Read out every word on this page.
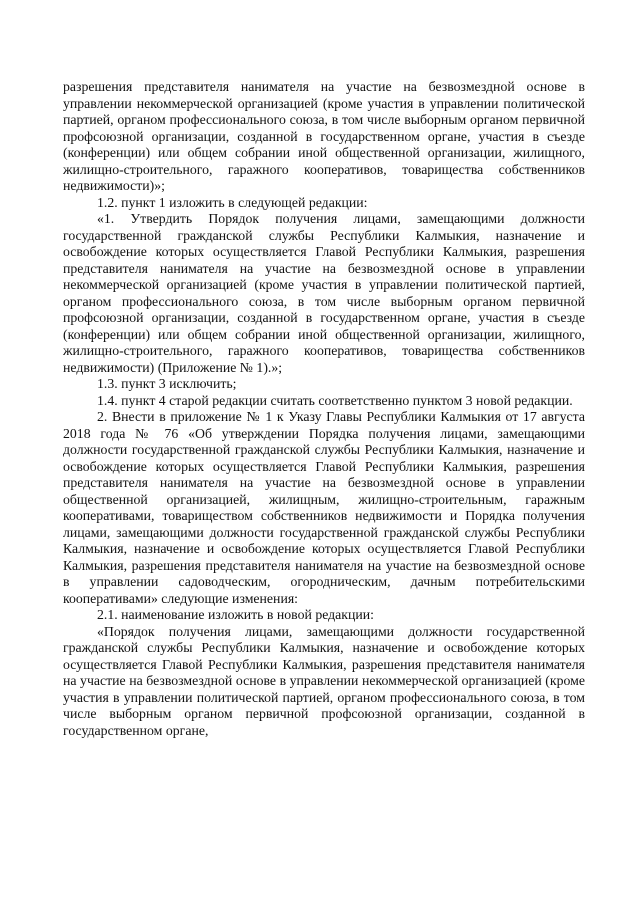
разрешения представителя нанимателя на участие на безвозмездной основе в управлении некоммерческой организацией (кроме участия в управлении политической партией, органом профессионального союза, в том числе выборным органом первичной профсоюзной организации, созданной в государственном органе, участия в съезде (конференции) или общем собрании иной общественной организации, жилищного, жилищно-строительного, гаражного кооперативов, товарищества собственников недвижимости)»;

1.2. пункт 1 изложить в следующей редакции:

«1. Утвердить Порядок получения лицами, замещающими должности государственной гражданской службы Республики Калмыкия, назначение и освобождение которых осуществляется Главой Республики Калмыкия, разрешения представителя нанимателя на участие на безвозмездной основе в управлении некоммерческой организацией (кроме участия в управлении политической партией, органом профессионального союза, в том числе выборным органом первичной профсоюзной организации, созданной в государственном органе, участия в съезде (конференции) или общем собрании иной общественной организации, жилищного, жилищно-строительного, гаражного кооперативов, товарищества собственников недвижимости) (Приложение № 1).»;

1.3. пункт 3 исключить;

1.4. пункт 4 старой редакции считать соответственно пунктом 3 новой редакции.

2. Внести в приложение № 1 к Указу Главы Республики Калмыкия от 17 августа 2018 года № 76 «Об утверждении Порядка получения лицами, замещающими должности государственной гражданской службы Республики Калмыкия, назначение и освобождение которых осуществляется Главой Республики Калмыкия, разрешения представителя нанимателя на участие на безвозмездной основе в управлении общественной организацией, жилищным, жилищно-строительным, гаражным кооперативами, товариществом собственников недвижимости и Порядка получения лицами, замещающими должности государственной гражданской службы Республики Калмыкия, назначение и освобождение которых осуществляется Главой Республики Калмыкия, разрешения представителя нанимателя на участие на безвозмездной основе в управлении садоводческим, огородническим, дачным потребительскими кооперативами» следующие изменения:

2.1. наименование изложить в новой редакции:

«Порядок получения лицами, замещающими должности государственной гражданской службы Республики Калмыкия, назначение и освобождение которых осуществляется Главой Республики Калмыкия, разрешения представителя нанимателя на участие на безвозмездной основе в управлении некоммерческой организацией (кроме участия в управлении политической партией, органом профессионального союза, в том числе выборным органом первичной профсоюзной организации, созданной в государственном органе,
